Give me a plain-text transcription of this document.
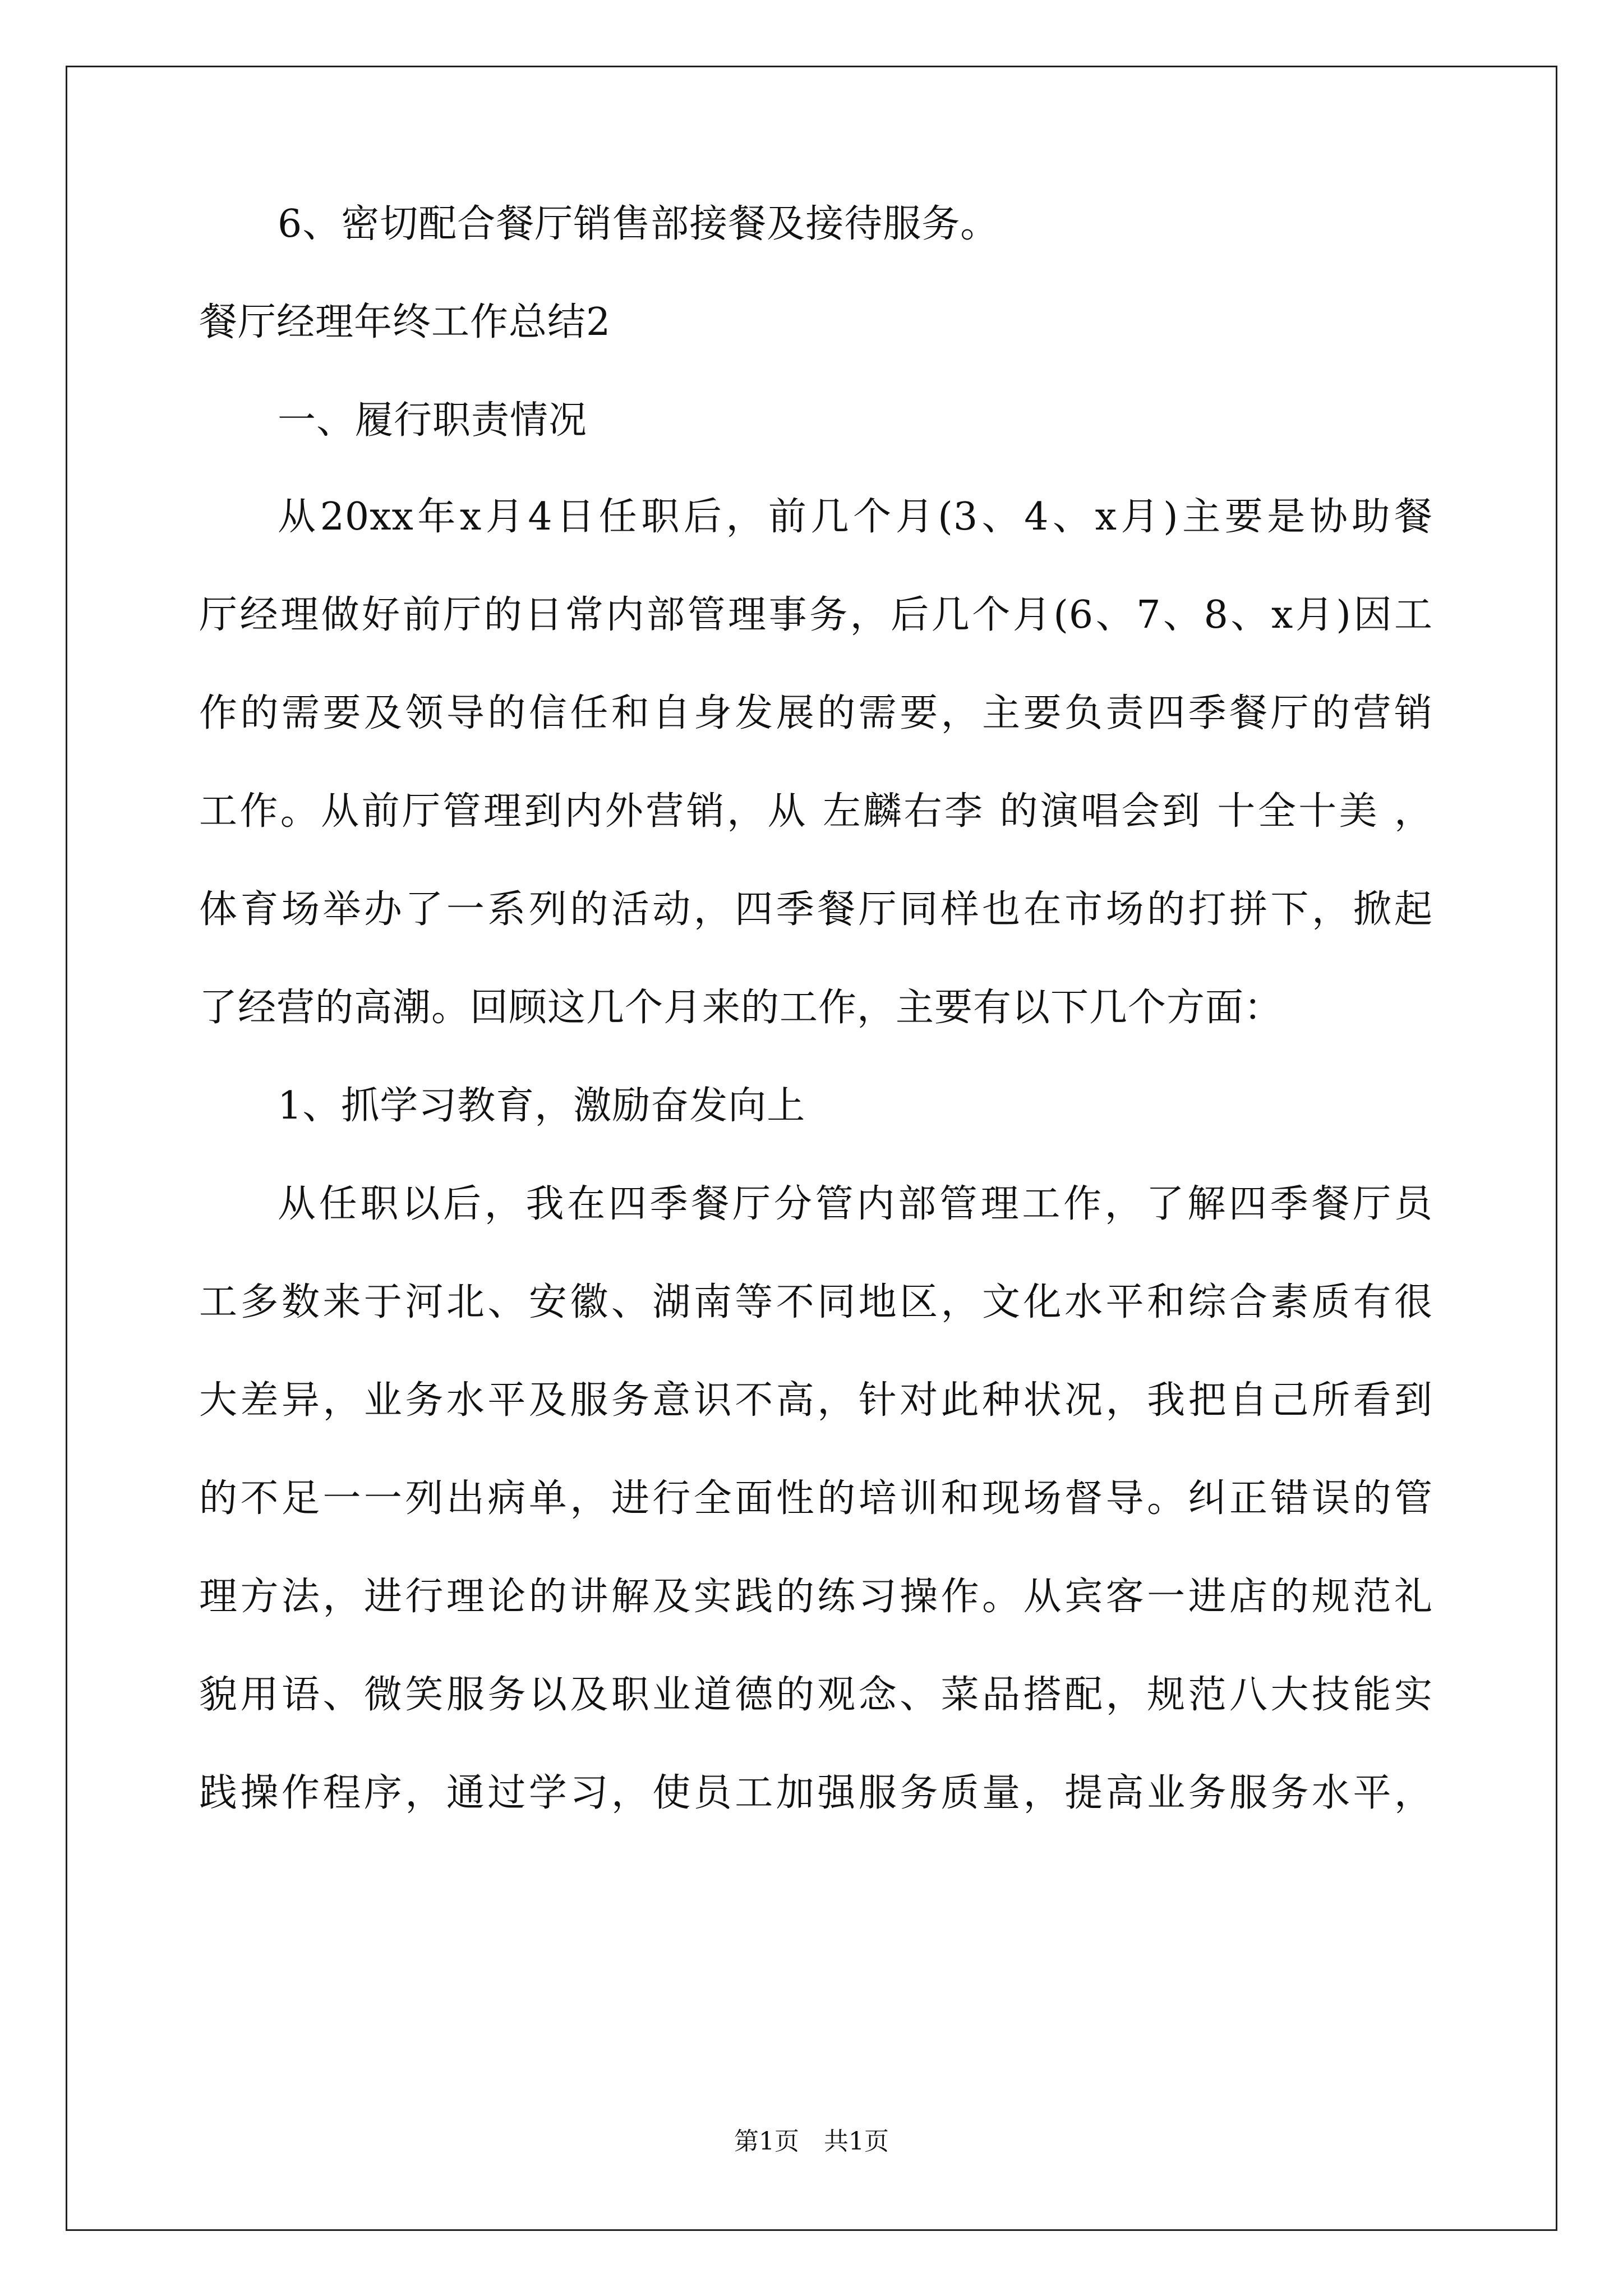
6、密切配合餐厅销售部接餐及接待服务。
餐厅经理年终工作总结2
一、履行职责情况
从20xx年x月4日任职后，前几个月(3、4、x月)主要是协助餐
厅经理做好前厅的日常内部管理事务，后几个月(6、7、8、x月)因工
作的需要及领导的信任和自身发展的需要，主要负责四季餐厅的营销
工作。从前厅管理到内外营销，从 左麟右李 的演唱会到 十全十美 ，
体育场举办了一系列的活动，四季餐厅同样也在市场的打拼下，掀起
了经营的高潮。回顾这几个月来的工作，主要有以下几个方面：
1、抓学习教育，激励奋发向上
从任职以后，我在四季餐厅分管内部管理工作，了解四季餐厅员
工多数来于河北、安徽、湖南等不同地区，文化水平和综合素质有很
大差异，业务水平及服务意识不高，针对此种状况，我把自己所看到
的不足一一列出病单，进行全面性的培训和现场督导。纠正错误的管
理方法，进行理论的讲解及实践的练习操作。从宾客一进店的规范礼
貌用语、微笑服务以及职业道德的观念、菜品搭配，规范八大技能实
践操作程序，通过学习，使员工加强服务质量，提高业务服务水平，
第1页　共1页
